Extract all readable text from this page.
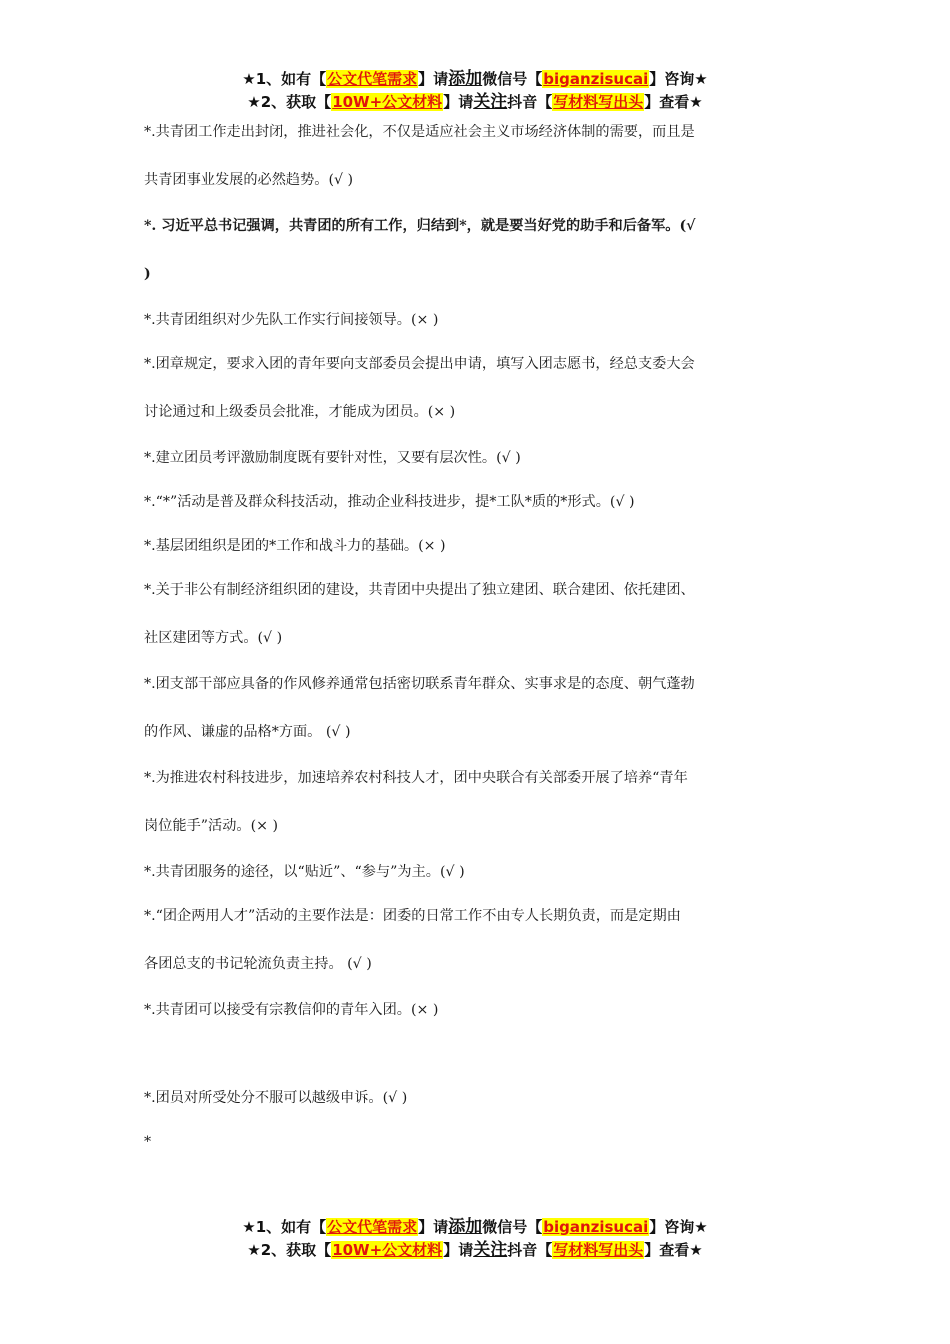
★1、如有【公文代笔需求】请添加微信号【biganzisucai】咨询★
★2、获取【10W+公文材料】请关注抖音【写材料写出头】查看★
*.共青团工作走出封闭，推进社会化，不仅是适应社会主义市场经济体制的需要，而且是
共青团事业发展的必然趋势。(√ )
*. 习近平总书记强调，共青团的所有工作，归结到*，就是要当好党的助手和后备军。(√
)
*.共青团组织对少先队工作实行间接领导。(× )
*.团章规定，要求入团的青年要向支部委员会提出申请，填写入团志愿书，经总支委大会
讨论通过和上级委员会批准，才能成为团员。(× )
*.建立团员考评激励制度既有要针对性，又要有层次性。(√ )
*.“*”活动是普及群众科技活动，推动企业科技进步，提*工队*质的*形式。(√ )
*.基层团组织是团的*工作和战斗力的基础。(× )
*.关于非公有制经济组织团的建设，共青团中央提出了独立建团、联合建团、依托建团、
社区建团等方式。(√ )
*.团支部干部应具备的作风修养通常包括密切联系青年群众、实事求是的态度、朝气蓬勃
的作风、谦虚的品格*方面。 (√ )
*.为推进农村科技进步，加速培养农村科技人才，团中央联合有关部委开展了培养“青年
岗位能手”活动。(× )
*.共青团服务的途径，以“贴近”、“参与”为主。(√ )
*.“团企两用人才”活动的主要作法是：团委的日常工作不由专人长期负责，而是定期由
各团总支的书记轮流负责主持。 (√ )
*.共青团可以接受有宗教信仰的青年入团。(× )
*.团员对所受处分不服可以越级申诉。(√ )
*
★1、如有【公文代笔需求】请添加微信号【biganzisucai】咨询★
★2、获取【10W+公文材料】请关注抖音【写材料写出头】查看★
